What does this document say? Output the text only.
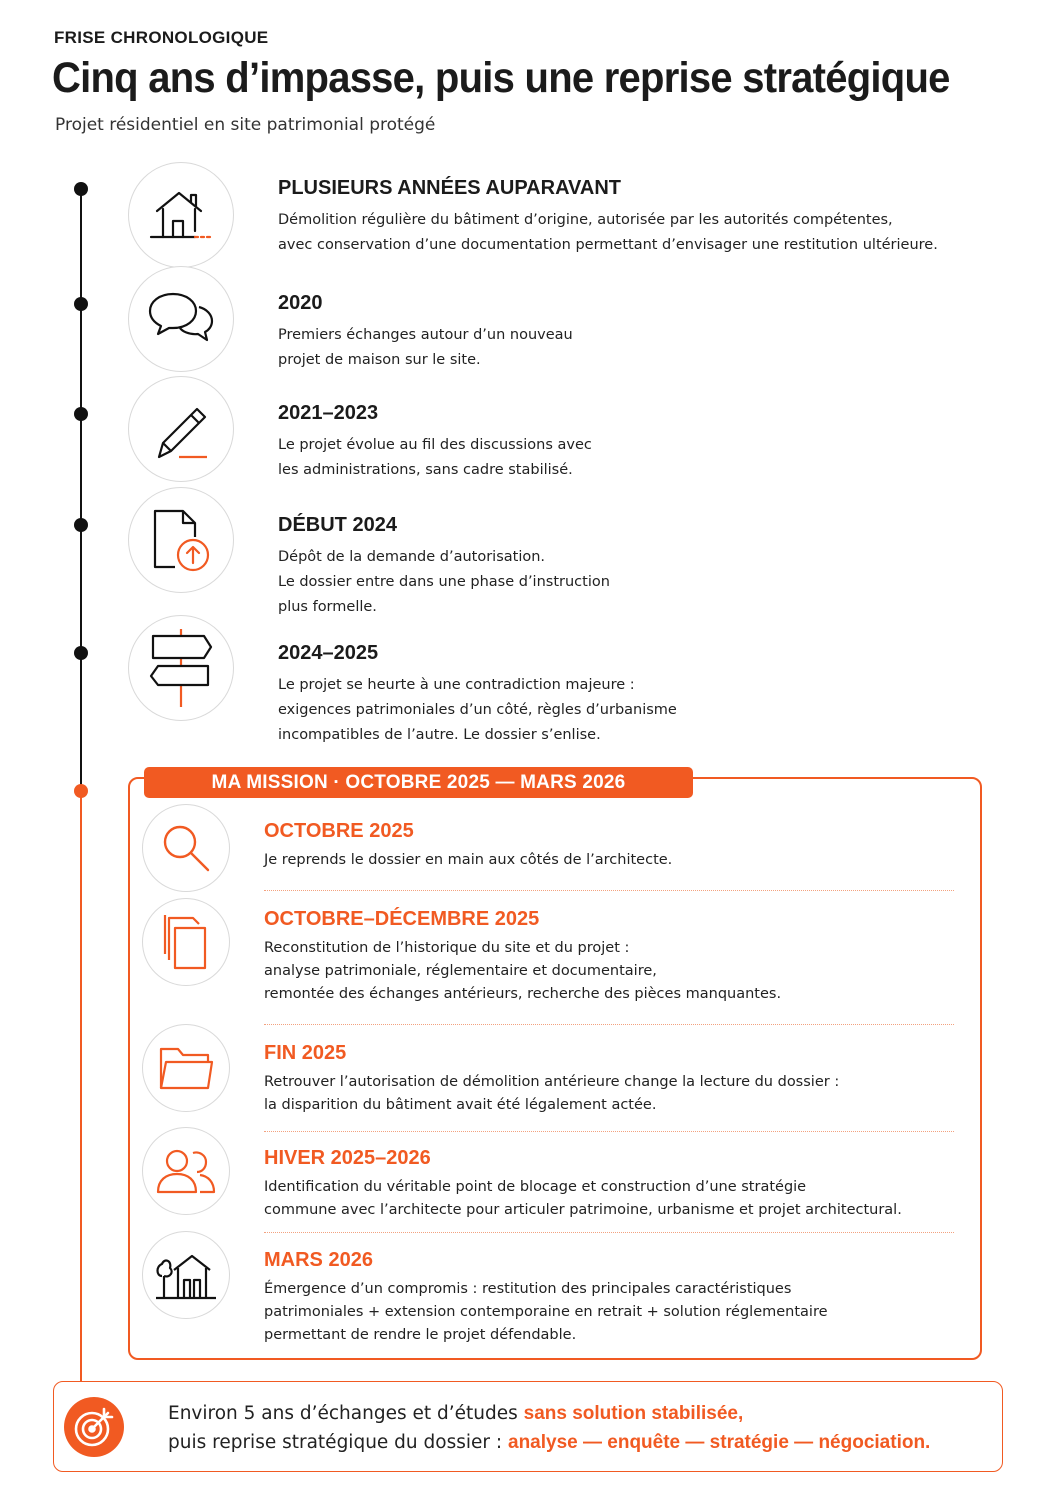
FRISE CHRONOLOGIQUE
Cinq ans d’impasse, puis une reprise stratégique
Projet résidentiel en site patrimonial protégé
PLUSIEURS ANNÉES AUPARAVANT

Démolition régulière du bâtiment d’origine, autorisée par les autorités compétentes,
avec conservation d’une documentation permettant d’envisager une restitution ultérieure.

2020

Premiers échanges autour d’un nouveau
projet de maison sur le site.

2021–2023

Le projet évolue au fil des discussions avec
les administrations, sans cadre stabilisé.

DÉBUT 2024

Dépôt de la demande d’autorisation.
Le dossier entre dans une phase d’instruction
plus formelle.

2024–2025

Le projet se heurte à une contradiction majeure :
exigences patrimoniales d’un côté, règles d’urbanisme
incompatibles de l’autre. Le dossier s’enlise.

MA MISSION · OCTOBRE 2025 — MARS 2026
OCTOBRE 2025

Je reprends le dossier en main aux côtés de l’architecte.

OCTOBRE–DÉCEMBRE 2025

Reconstitution de l’historique du site et du projet :
analyse patrimoniale, réglementaire et documentaire,
remontée des échanges antérieurs, recherche des pièces manquantes.

FIN 2025

Retrouver l’autorisation de démolition antérieure change la lecture du dossier :
la disparition du bâtiment avait été légalement actée.

HIVER 2025–2026

Identification du véritable point de blocage et construction d’une stratégie
commune avec l’architecte pour articuler patrimoine, urbanisme et projet architectural.

MARS 2026

Émergence d’un compromis : restitution des principales caractéristiques
patrimoniales + extension contemporaine en retrait + solution réglementaire
permettant de rendre le projet défendable.

Environ 5 ans d’échanges et d’études sans solution stabilisée,
puis reprise stratégique du dossier : analyse — enquête — stratégie — négociation.
